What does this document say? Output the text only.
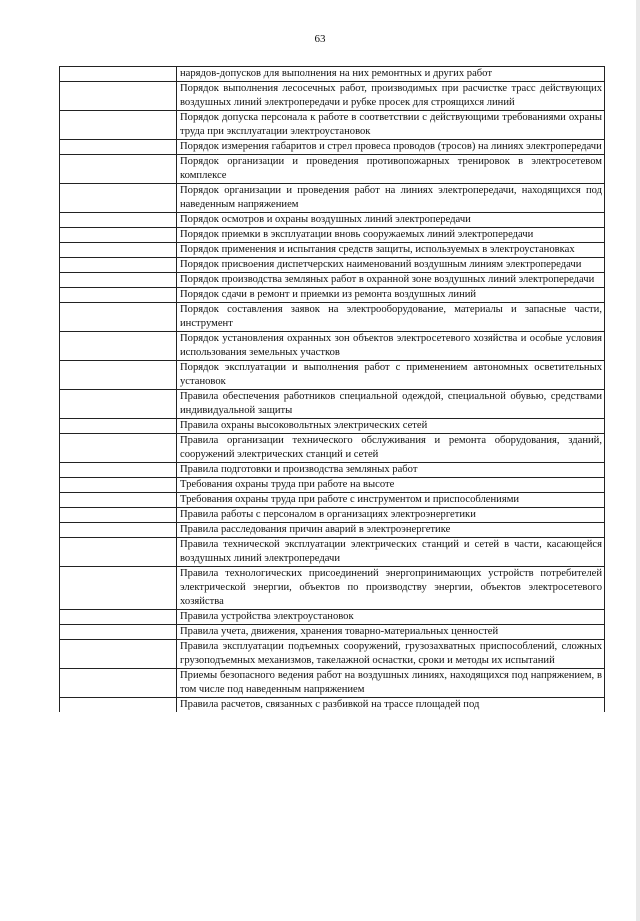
63
	нарядов-допусков для выполнения на них ремонтных и других работ
	Порядок выполнения лесосечных работ, производимых при расчистке трасс действующих воздушных линий электропередачи и рубке просек для строящихся линий
	Порядок допуска персонала к работе в соответствии с действующими требованиями охраны труда при эксплуатации электроустановок
	Порядок измерения габаритов и стрел провеса проводов (тросов) на линиях электропередачи
	Порядок организации и проведения противопожарных тренировок в электросетевом комплексе
	Порядок организации и проведения работ на линиях электропередачи, находящихся под наведенным напряжением
	Порядок осмотров и охраны воздушных линий электропередачи
	Порядок приемки в эксплуатации вновь сооружаемых линий электропередачи
	Порядок применения и испытания средств защиты, используемых в электроустановках
	Порядок присвоения диспетчерских наименований воздушным линиям электропередачи
	Порядок производства земляных работ в охранной зоне воздушных линий электропередачи
	Порядок сдачи в ремонт и приемки из ремонта воздушных линий
	Порядок составления заявок на электрооборудование, материалы и запасные части, инструмент
	Порядок установления охранных зон объектов электросетевого хозяйства и особые условия использования земельных участков
	Порядок эксплуатации и выполнения работ с применением автономных осветительных установок
	Правила обеспечения работников специальной одеждой, специальной обувью, средствами индивидуальной защиты
	Правила охраны высоковольтных электрических сетей
	Правила организации технического обслуживания и ремонта оборудования, зданий, сооружений электрических станций и сетей
	Правила подготовки и производства земляных работ
	Требования охраны труда при работе на высоте
	Требования охраны труда при работе с инструментом и приспособлениями
	Правила работы с персоналом в организациях электроэнергетики
	Правила расследования причин аварий в электроэнергетике
	Правила технической эксплуатации электрических станций и сетей в части, касающейся воздушных линий электропередачи
	Правила технологических присоединений энергопринимающих устройств потребителей электрической энергии, объектов по производству энергии, объектов электросетевого хозяйства
	Правила устройства электроустановок
	Правила учета, движения, хранения товарно-материальных ценностей
	Правила эксплуатации подъемных сооружений, грузозахватных приспособлений, сложных грузоподъемных механизмов, такелажной оснастки, сроки и методы их испытаний
	Приемы безопасного ведения работ на воздушных линиях, находящихся под напряжением, в том числе под наведенным напряжением
	Правила расчетов, связанных с разбивкой на трассе площадей под
